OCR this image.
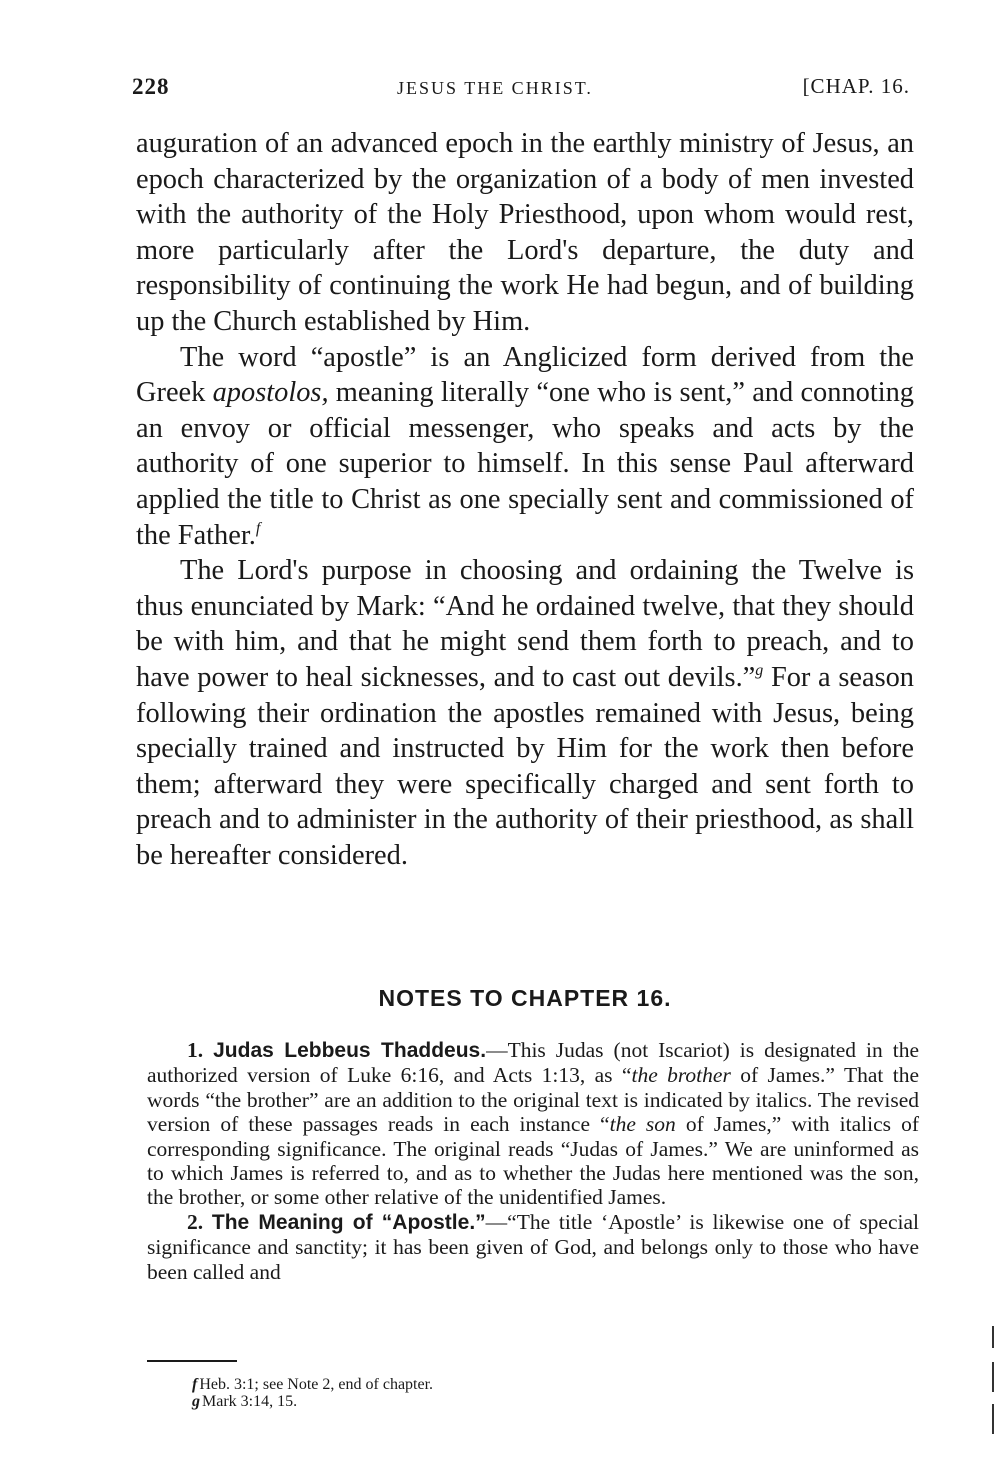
228	JESUS THE CHRIST.	[CHAP. 16.

auguration of an advanced epoch in the earthly ministry of Jesus, an epoch characterized by the organization of a body of men invested with the authority of the Holy Priesthood, upon whom would rest, more particularly after the Lord's departure, the duty and responsibility of continuing the work He had begun, and of building up the Church established by Him.

The word “apostle” is an Anglicized form derived from the Greek apostolos, meaning literally “one who is sent,” and connoting an envoy or official messenger, who speaks and acts by the authority of one superior to himself. In this sense Paul afterward applied the title to Christ as one specially sent and commissioned of the Father.$^f$

The Lord's purpose in choosing and ordaining the Twelve is thus enunciated by Mark: “And he ordained twelve, that they should be with him, and that he might send them forth to preach, and to have power to heal sicknesses, and to cast out devils.”$^g$ For a season following their ordination the apostles remained with Jesus, being specially trained and instructed by Him for the work then before them; afterward they were specifically charged and sent forth to preach and to administer in the authority of their priesthood, as shall be hereafter considered.

NOTES TO CHAPTER 16.

1. Judas Lebbeus Thaddeus.—This Judas (not Iscariot) is designated in the authorized version of Luke 6:16, and Acts 1:13, as “the brother of James.” That the words “the brother” are an addition to the original text is indicated by italics. The revised version of these passages reads in each instance “the son of James,” with italics of corresponding significance. The original reads “Judas of James.” We are uninformed as to which James is referred to, and as to whether the Judas here mentioned was the son, the brother, or some other relative of the unidentified James.

2. The Meaning of “Apostle.”—“The title ‘Apostle’ is likewise one of special significance and sanctity; it has been given of God, and belongs only to those who have been called and

f Heb. 3:1; see Note 2, end of chapter.
g Mark 3:14, 15.
